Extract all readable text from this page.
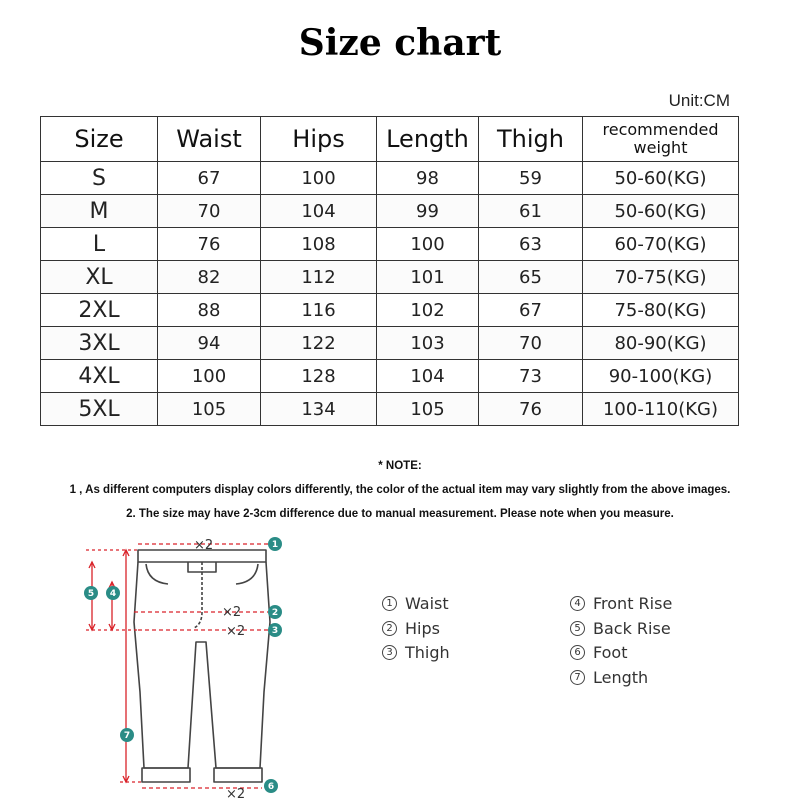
Size chart
Unit:CM
Size	Waist	Hips	Length	Thigh	recommended weight
S	67	100	98	59	50-60(KG)
M	70	104	99	61	50-60(KG)
L	76	108	100	63	60-70(KG)
XL	82	112	101	65	70-75(KG)
2XL	88	116	102	67	75-80(KG)
3XL	94	122	103	70	80-90(KG)
4XL	100	128	104	73	90-100(KG)
5XL	105	134	105	76	100-110(KG)
* NOTE:
1 , As different computers display colors differently, the color of the actual item may vary slightly from the above images.
2. The size may have 2-3cm difference due to manual measurement. Please note when you measure.
×2
×2
×2
×2
1
2
3
4
5
6
7
1 Waist
2 Hips
3 Thigh
4 Front Rise
5 Back Rise
6 Foot
7 Length
